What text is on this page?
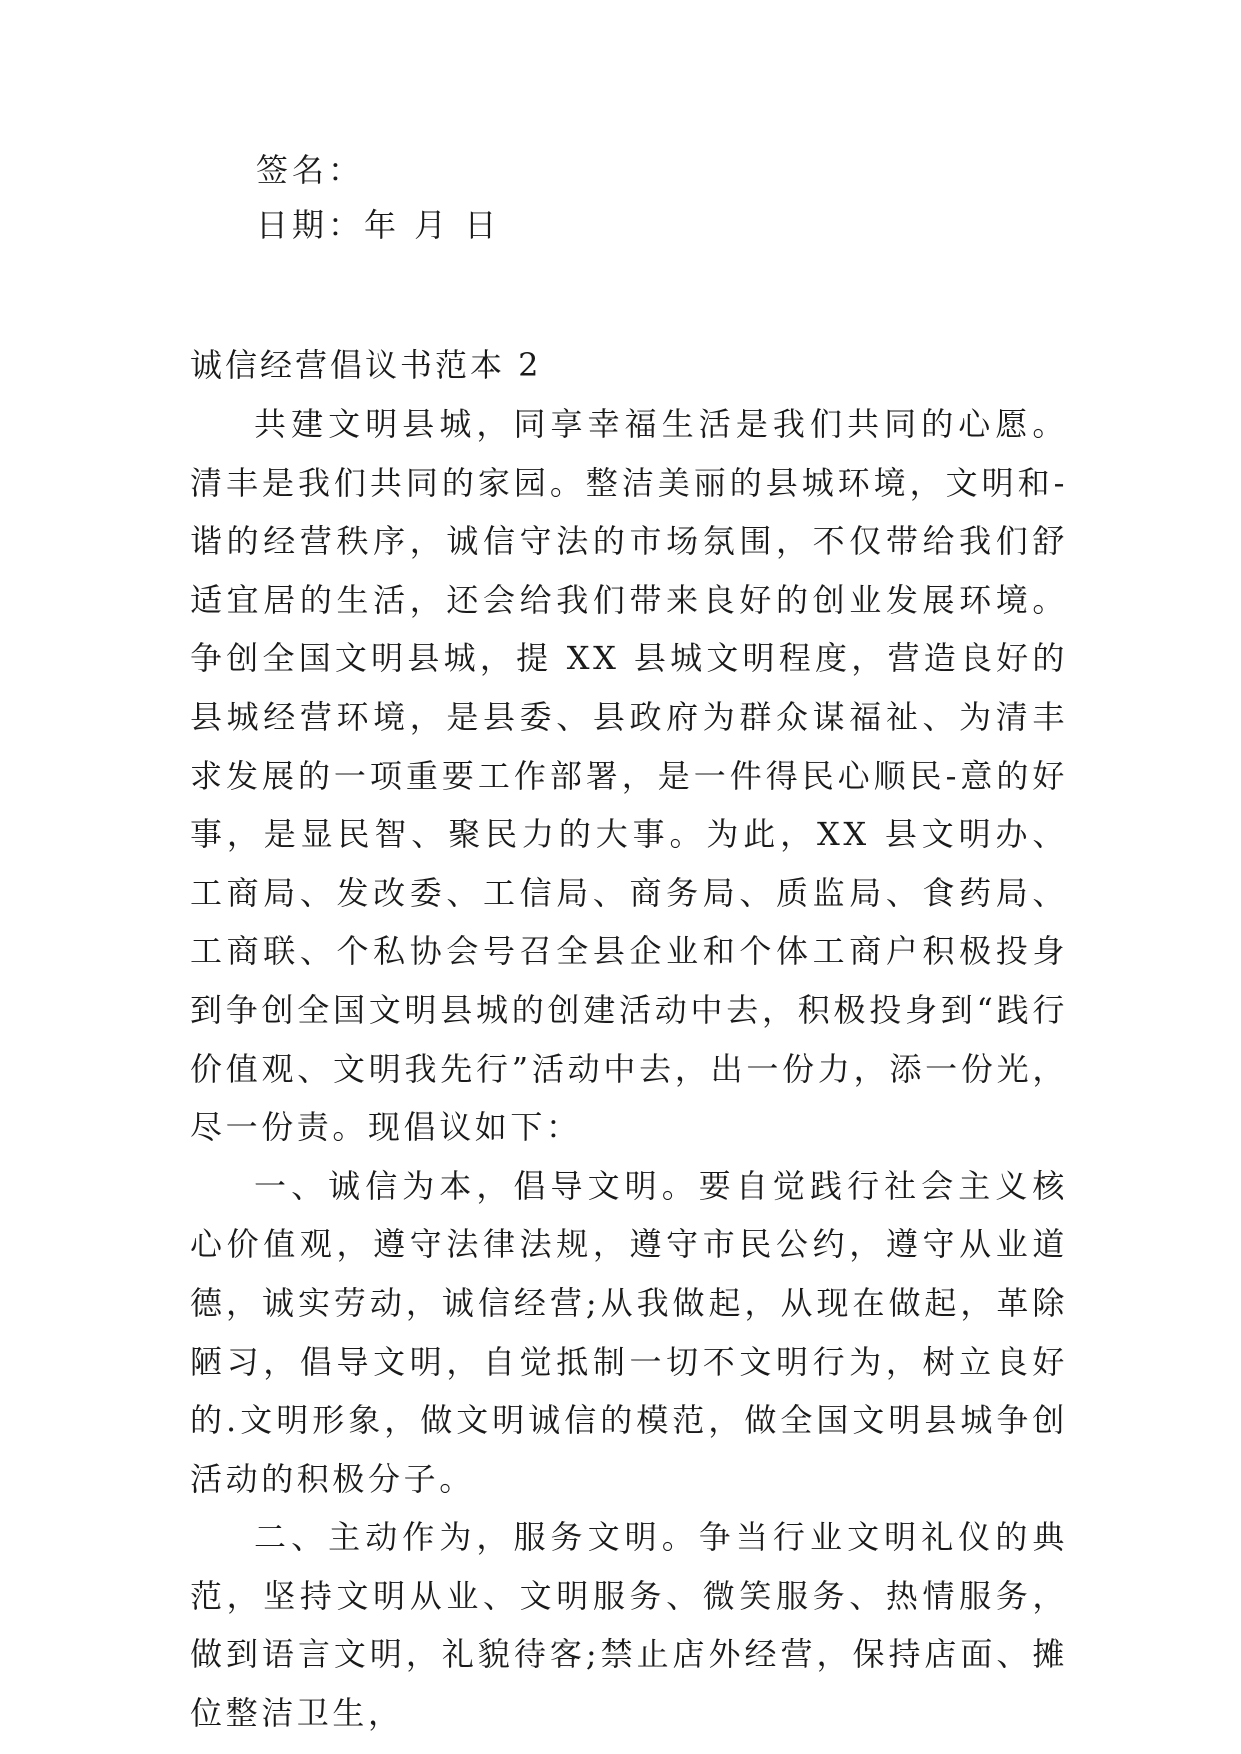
签名：
日期：年 月 日
诚信经营倡议书范本 2

共建文明县城，同享幸福生活是我们共同的心愿。清丰是我们共同的家园。整洁美丽的县城环境，文明和-谐的经营秩序，诚信守法的市场氛围，不仅带给我们舒适宜居的生活，还会给我们带来良好的创业发展环境。争创全国文明县城，提 XX 县城文明程度，营造良好的县城经营环境，是县委、县政府为群众谋福祉、为清丰求发展的一项重要工作部署，是一件得民心顺民-意的好事，是显民智、聚民力的大事。为此，XX 县文明办、工商局、发改委、工信局、商务局、质监局、食药局、工商联、个私协会号召全县企业和个体工商户积极投身到争创全国文明县城的创建活动中去，积极投身到“践行价值观、文明我先行”活动中去，出一份力，添一份光，尽一份责。现倡议如下：

一、诚信为本，倡导文明。要自觉践行社会主义核心价值观，遵守法律法规，遵守市民公约，遵守从业道德，诚实劳动，诚信经营;从我做起，从现在做起，革除陋习，倡导文明，自觉抵制一切不文明行为，树立良好的.文明形象，做文明诚信的模范，做全国文明县城争创活动的积极分子。

二、主动作为，服务文明。争当行业文明礼仪的典范，坚持文明从业、文明服务、微笑服务、热情服务，做到语言文明，礼貌待客;禁止店外经营，保持店面、摊位整洁卫生，
